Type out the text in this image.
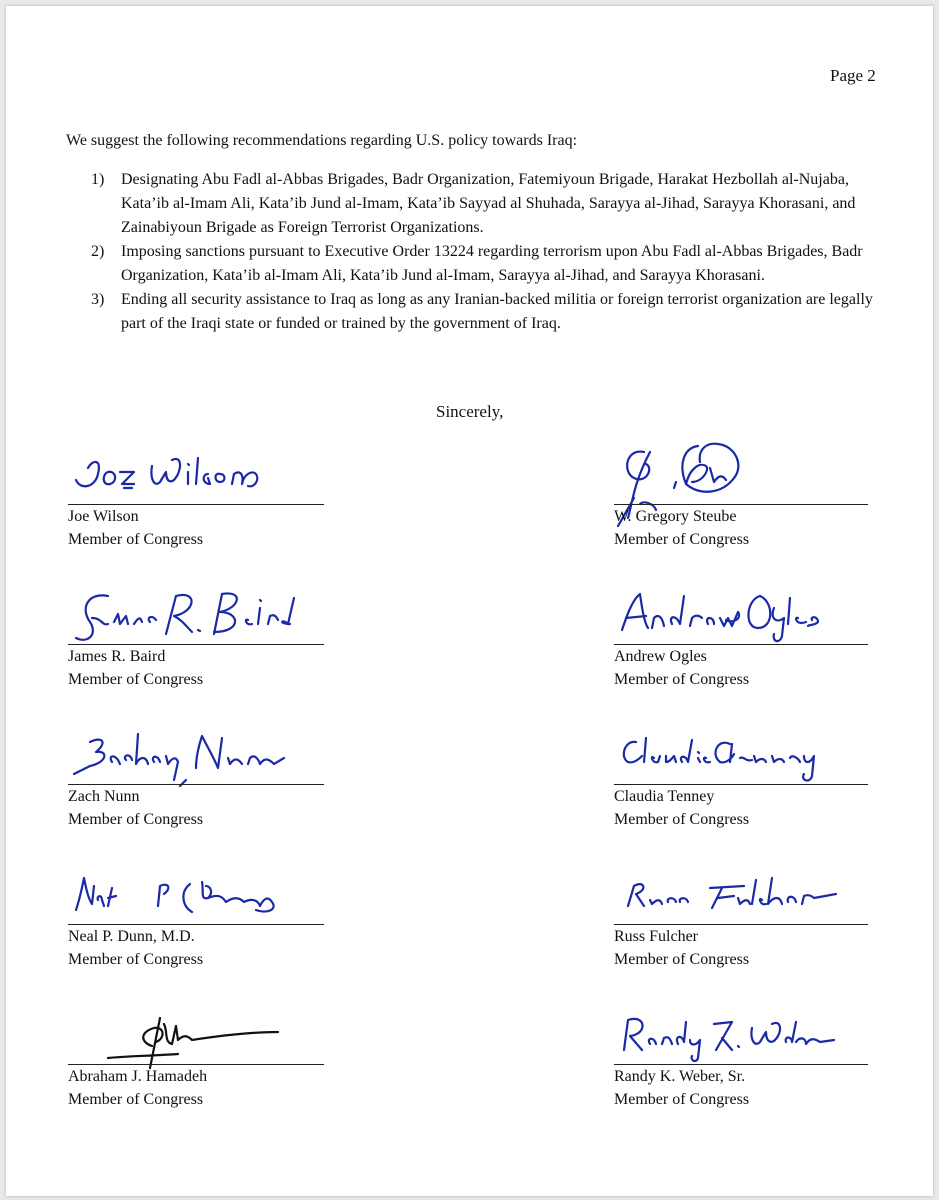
Page 2
We suggest the following recommendations regarding U.S. policy towards Iraq:
1)	Designating Abu Fadl al-Abbas Brigades, Badr Organization, Fatemiyoun Brigade, Harakat Hezbollah al-Nujaba, Kata’ib al-Imam Ali, Kata’ib Jund al-Imam, Kata’ib Sayyad al Shuhada, Sarayya al-Jihad, Sarayya Khorasani, and Zainabiyoun Brigade as Foreign Terrorist Organizations.
2)	Imposing sanctions pursuant to Executive Order 13224 regarding terrorism upon Abu Fadl al-Abbas Brigades, Badr Organization, Kata’ib al-Imam Ali, Kata’ib Jund al-Imam, Sarayya al-Jihad, and Sarayya Khorasani.
3)	Ending all security assistance to Iraq as long as any Iranian-backed militia or foreign terrorist organization are legally part of the Iraqi state or funded or trained by the government of Iraq.
Sincerely,
Joe Wilson
Member of Congress
James R. Baird
Member of Congress
Zach Nunn
Member of Congress
Neal P. Dunn, M.D.
Member of Congress
Abraham J. Hamadeh
Member of Congress
W. Gregory Steube
Member of Congress
Andrew Ogles
Member of Congress
Claudia Tenney
Member of Congress
Russ Fulcher
Member of Congress
Randy K. Weber, Sr.
Member of Congress
